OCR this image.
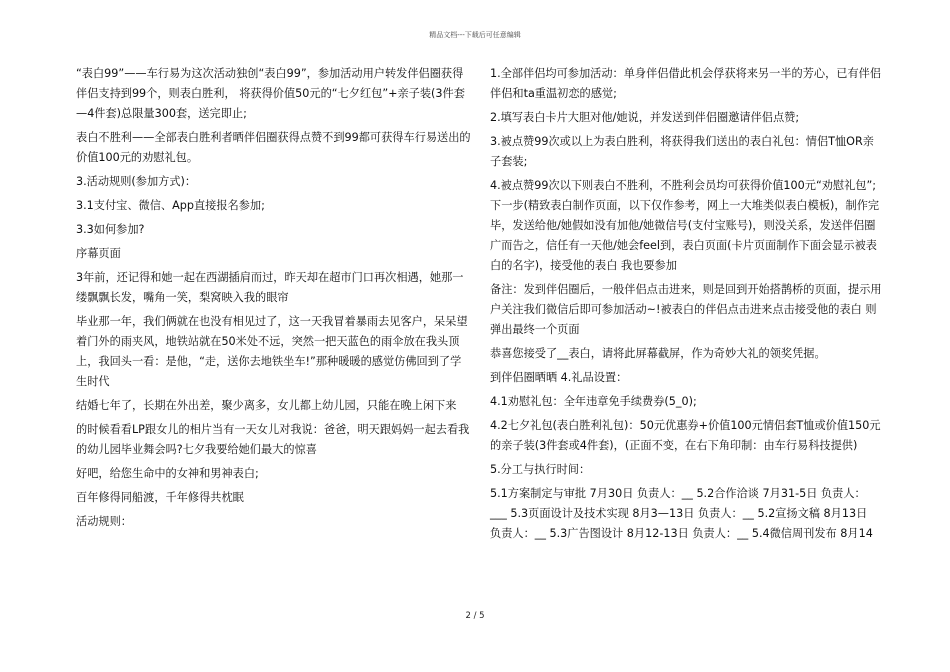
精品文档---下载后可任意编辑

“表白99”——车行易为这次活动独创“表白99”，参加活动用户转发伴侣圈获得伴侣支持到99个，则表白胜利， 将获得价值50元的“七夕红包”+亲子装(3件套—4件套)总限量300套，送完即止;

表白不胜利——全部表白胜利者晒伴侣圈获得点赞不到99都可获得车行易送出的价值100元的劝慰礼包。

3.活动规则(参加方式)：

3.1支付宝、微信、App直接报名参加;

3.3如何参加?

序幕页面

3年前，还记得和她一起在西湖插肩而过，昨天却在超市门口再次相遇，她那一缕飘飘长发，嘴角一笑，梨窝映入我的眼帘

毕业那一年，我们俩就在也没有相见过了，这一天我冒着暴雨去见客户，呆呆望着门外的雨夹风，地铁站就在50米处不远，突然一把天蓝色的雨伞放在我头顶上，我回头一看：是他，“走，送你去地铁坐车!”那种暖暖的感觉仿佛回到了学生时代

结婚七年了，长期在外出差，聚少离多，女儿都上幼儿园，只能在晚上闲下来

的时候看看LP跟女儿的相片当有一天女儿对我说：爸爸，明天跟妈妈一起去看我的幼儿园毕业舞会吗?七夕我要给她们最大的惊喜

好吧，给您生命中的女神和男神表白;

百年修得同船渡，千年修得共枕眠

活动规则：

1.全部伴侣均可参加活动：单身伴侣借此机会俘获将来另一半的芳心，已有伴侣伴侣和ta重温初恋的感觉;

2.填写表白卡片大胆对他/她说，并发送到伴侣圈邀请伴侣点赞;

3.被点赞99次或以上为表白胜利，将获得我们送出的表白礼包：情侣T恤OR亲子套装;

4.被点赞99次以下则表白不胜利，不胜利会员均可获得价值100元“劝慰礼包”;下一步(精致表白制作页面，以下仅作参考，网上一大堆类似表白模板)，制作完毕，发送给他/她假如没有加他/她微信号(支付宝账号)，则没关系，发送伴侣圈广而告之，信任有一天他/她会feel到，表白页面(卡片页面制作下面会显示被表白的名字)，接受他的表白 我也要参加

备注：发到伴侣圈后，一般伴侣点击进来，则是回到开始搭鹊桥的页面，提示用户关注我们微信后即可参加活动~!被表白的伴侣点击进来点击接受他的表白 则弹出最终一个页面

恭喜您接受了__表白，请将此屏幕截屏，作为奇妙大礼的领奖凭据。

到伴侣圈晒晒 4.礼品设置：

4.1劝慰礼包：全年违章免手续费券(5_0);

4.2七夕礼包(表白胜利礼包)：50元优惠券+价值100元情侣套T恤或价值150元的亲子装(3件套或4件套)，(正面不变，在右下角印制：由车行易科技提供)

5.分工与执行时间：

5.1方案制定与审批 7月30日 负责人：__ 5.2合作洽谈 7月31-5日 负责人：___ 5.3页面设计及技术实现 8月3—13日 负责人：__ 5.2宣扬文稿 8月13日 负责人：__ 5.3广告图设计 8月12-13日 负责人：__ 5.4微信周刊发布 8月14

2 / 5
